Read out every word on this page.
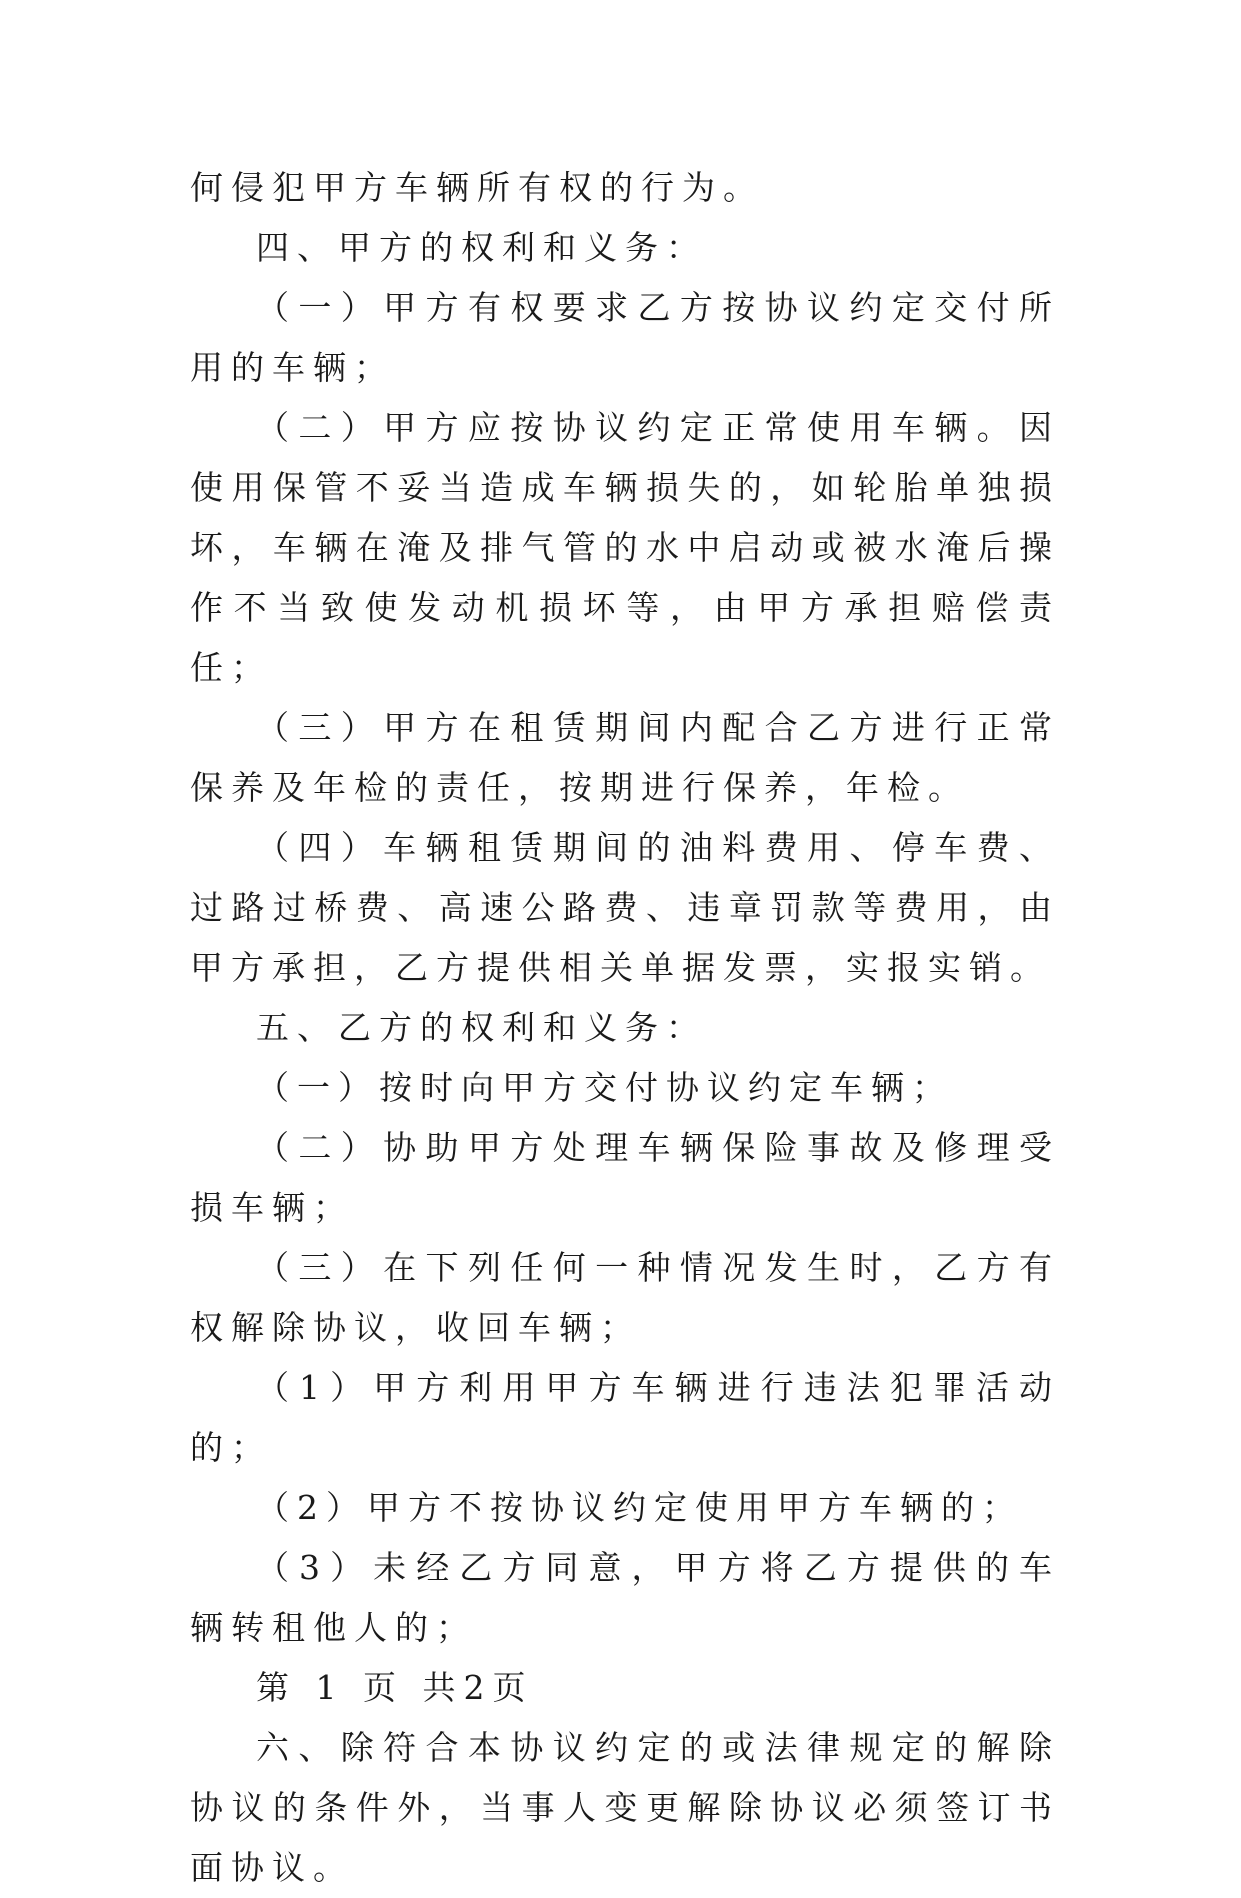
何侵犯甲方车辆所有权的行为。

四、甲方的权利和义务：

（一）甲方有权要求乙方按协议约定交付所用的车辆；

（二）甲方应按协议约定正常使用车辆。因使用保管不妥当造成车辆损失的，如轮胎单独损坏，车辆在淹及排气管的水中启动或被水淹后操作不当致使发动机损坏等，由甲方承担赔偿责任；

（三）甲方在租赁期间内配合乙方进行正常保养及年检的责任，按期进行保养，年检。

（四）车辆租赁期间的油料费用、停车费、过路过桥费、高速公路费、违章罚款等费用，由甲方承担，乙方提供相关单据发票，实报实销。

五、乙方的权利和义务：

（一）按时向甲方交付协议约定车辆；

（二）协助甲方处理车辆保险事故及修理受损车辆；

（三）在下列任何一种情况发生时，乙方有权解除协议，收回车辆；

（1）甲方利用甲方车辆进行违法犯罪活动的；

（2）甲方不按协议约定使用甲方车辆的；

（3）未经乙方同意，甲方将乙方提供的车辆转租他人的；

第 1 页 共2页

六、除符合本协议约定的或法律规定的解除协议的条件外，当事人变更解除协议必须签订书面协议。
